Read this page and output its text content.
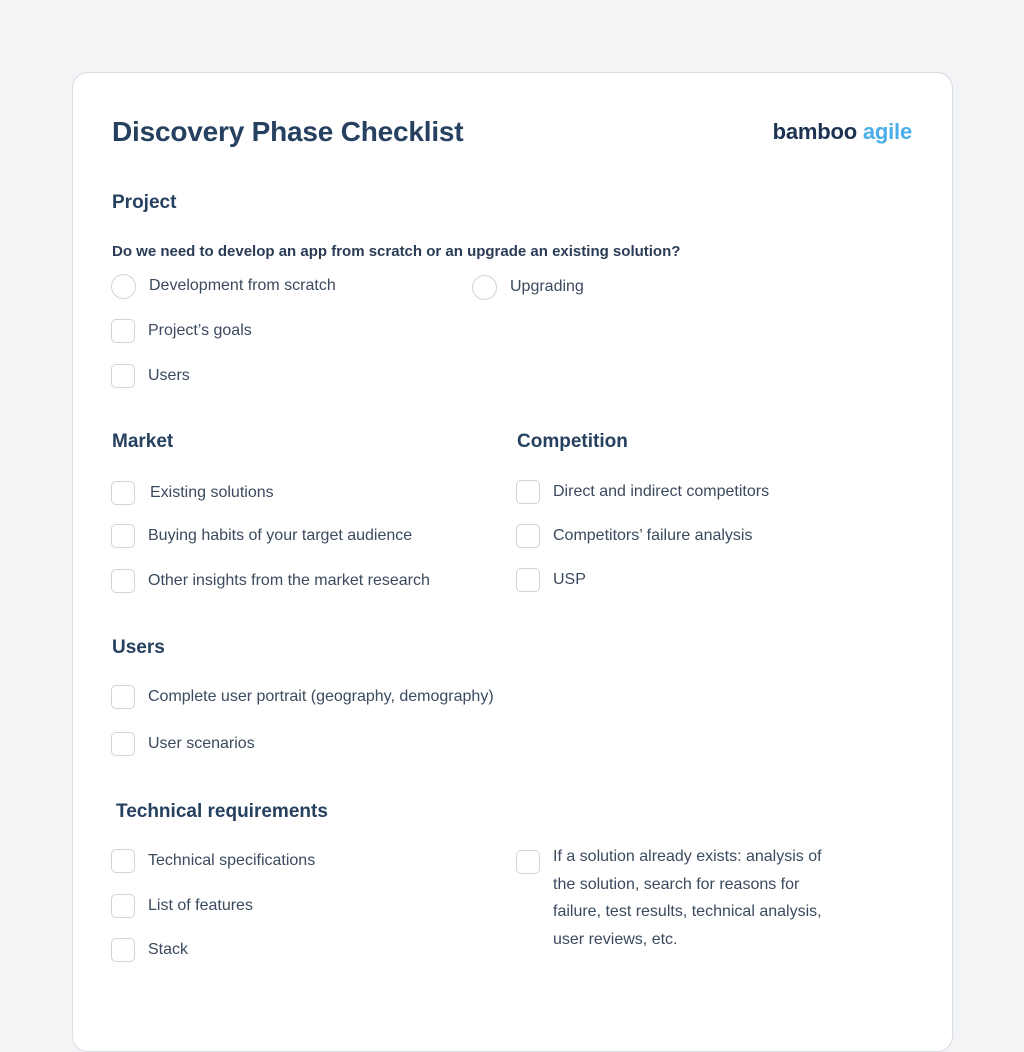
Discovery Phase Checklist	bamboo agile
Project
Do we need to develop an app from scratch or an upgrade an existing solution?
Development from scratch	Upgrading
Project’s goals
Users
Market
Existing solutions
Buying habits of your target audience
Other insights from the market research
Competition
Direct and indirect competitors
Competitors’ failure analysis
USP
Users
Complete user portrait (geography, demography)
User scenarios
Technical requirements
Technical specifications
List of features
Stack
If a solution already exists: analysis of the solution, search for reasons for failure, test results, technical analysis, user reviews, etc.
